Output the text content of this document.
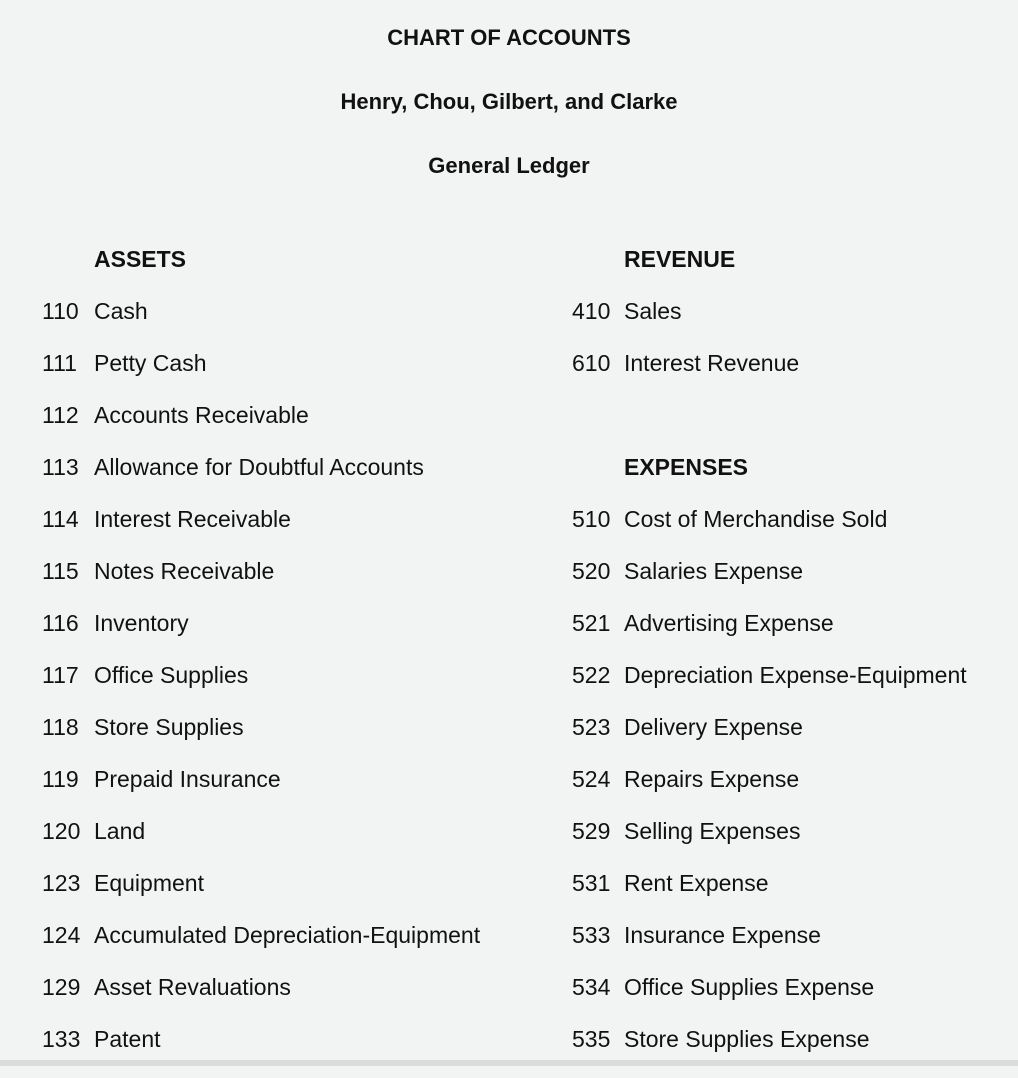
CHART OF ACCOUNTS
Henry, Chou, Gilbert, and Clarke
General Ledger
ASSETS
110 Cash
111 Petty Cash
112 Accounts Receivable
113 Allowance for Doubtful Accounts
114 Interest Receivable
115 Notes Receivable
116 Inventory
117 Office Supplies
118 Store Supplies
119 Prepaid Insurance
120 Land
123 Equipment
124 Accumulated Depreciation-Equipment
129 Asset Revaluations
133 Patent
REVENUE
410 Sales
610 Interest Revenue
EXPENSES
510 Cost of Merchandise Sold
520 Salaries Expense
521 Advertising Expense
522 Depreciation Expense-Equipment
523 Delivery Expense
524 Repairs Expense
529 Selling Expenses
531 Rent Expense
533 Insurance Expense
534 Office Supplies Expense
535 Store Supplies Expense
